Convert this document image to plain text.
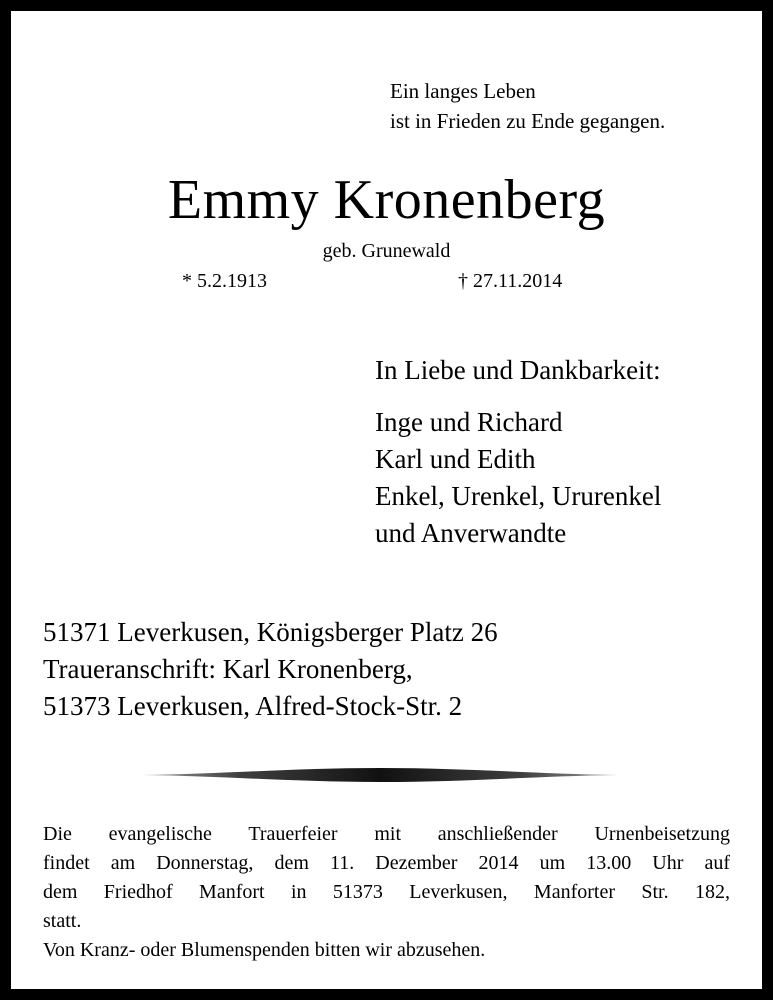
Ein langes Leben
ist in Frieden zu Ende gegangen.
Emmy Kronenberg
geb. Grunewald
* 5.2.1913	† 27.11.2014
In Liebe und Dankbarkeit:
Inge und Richard
Karl und Edith
Enkel, Urenkel, Ururenkel
und Anverwandte
51371 Leverkusen, Königsberger Platz 26
Traueranschrift: Karl Kronenberg,
51373 Leverkusen, Alfred-Stock-Str. 2
Die evangelische Trauerfeier mit anschließender Urnenbeisetzung
findet am Donnerstag, dem 11. Dezember 2014 um 13.00 Uhr auf
dem Friedhof Manfort in 51373 Leverkusen, Manforter Str. 182,
statt.
Von Kranz- oder Blumenspenden bitten wir abzusehen.
